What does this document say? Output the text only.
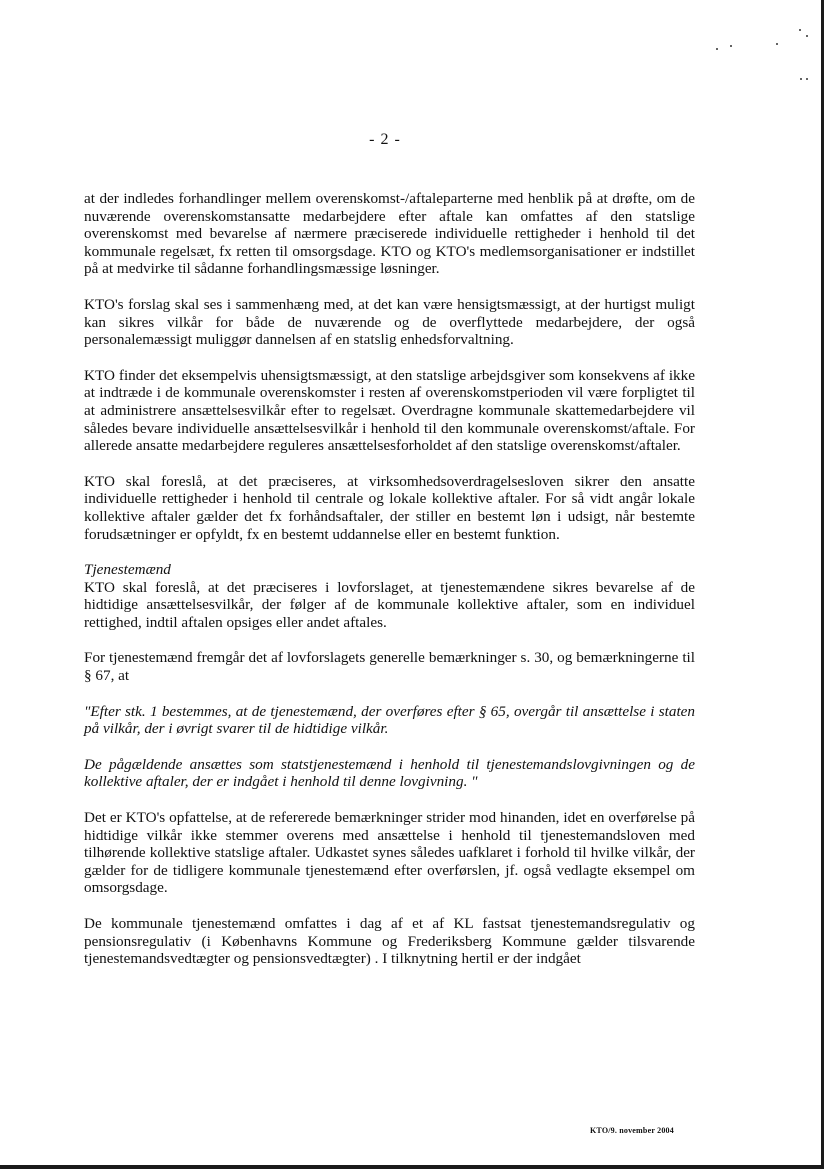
- 2 -

at der indledes forhandlinger mellem overenskomst-/aftaleparterne med henblik på at drøfte, om de nuværende overenskomstansatte medarbejdere efter aftale kan omfattes af den statslige overenskomst med bevarelse af nærmere præciserede individuelle rettigheder i henhold til det kommunale regelsæt, fx retten til omsorgsdage. KTO og KTO's medlemsorganisationer er indstillet på at medvirke til sådanne forhandlingsmæssige løsninger.

KTO's forslag skal ses i sammenhæng med, at det kan være hensigtsmæssigt, at der hurtigst muligt kan sikres vilkår for både de nuværende og de overflyttede medarbejdere, der også personalemæssigt muliggør dannelsen af en statslig enhedsforvaltning.

KTO finder det eksempelvis uhensigtsmæssigt, at den statslige arbejdsgiver som konsekvens af ikke at indtræde i de kommunale overenskomster i resten af overenskomstperioden vil være forpligtet til at administrere ansættelsesvilkår efter to regelsæt. Overdragne kommunale skattemedarbejdere vil således bevare individuelle ansættelsesvilkår i henhold til den kommunale overenskomst/aftale. For allerede ansatte medarbejdere reguleres ansættelsesforholdet af den statslige overenskomst/aftaler.

KTO skal foreslå, at det præciseres, at virksomhedsoverdragelsesloven sikrer den ansatte individuelle rettigheder i henhold til centrale og lokale kollektive aftaler. For så vidt angår lokale kollektive aftaler gælder det fx forhåndsaftaler, der stiller en bestemt løn i udsigt, når bestemte forudsætninger er opfyldt, fx en bestemt uddannelse eller en bestemt funktion.

Tjenestemænd

KTO skal foreslå, at det præciseres i lovforslaget, at tjenestemændene sikres bevarelse af de hidtidige ansættelsesvilkår, der følger af de kommunale kollektive aftaler, som en individuel rettighed, indtil aftalen opsiges eller andet aftales.

For tjenestemænd fremgår det af lovforslagets generelle bemærkninger s. 30, og bemærkningerne til § 67, at

"Efter stk. 1 bestemmes, at de tjenestemænd, der overføres efter § 65, overgår til ansættelse i staten på vilkår, der i øvrigt svarer til de hidtidige vilkår.

De pågældende ansættes som statstjenestemænd i henhold til tjenestemandslovgivningen og de kollektive aftaler, der er indgået i henhold til denne lovgivning. "

Det er KTO's opfattelse, at de refererede bemærkninger strider mod hinanden, idet en overførelse på hidtidige vilkår ikke stemmer overens med ansættelse i henhold til tjenestemandsloven med tilhørende kollektive statslige aftaler. Udkastet synes således uafklaret i forhold til hvilke vilkår, der gælder for de tidligere kommunale tjenestemænd efter overførslen, jf. også vedlagte eksempel om omsorgsdage.

De kommunale tjenestemænd omfattes i dag af et af KL fastsat tjenestemandsregulativ og pensionsregulativ (i Københavns Kommune og Frederiksberg Kommune gælder tilsvarende tjenestemandsvedtægter og pensionsvedtægter) . I tilknytning hertil er der indgået

KTO/9. november 2004
